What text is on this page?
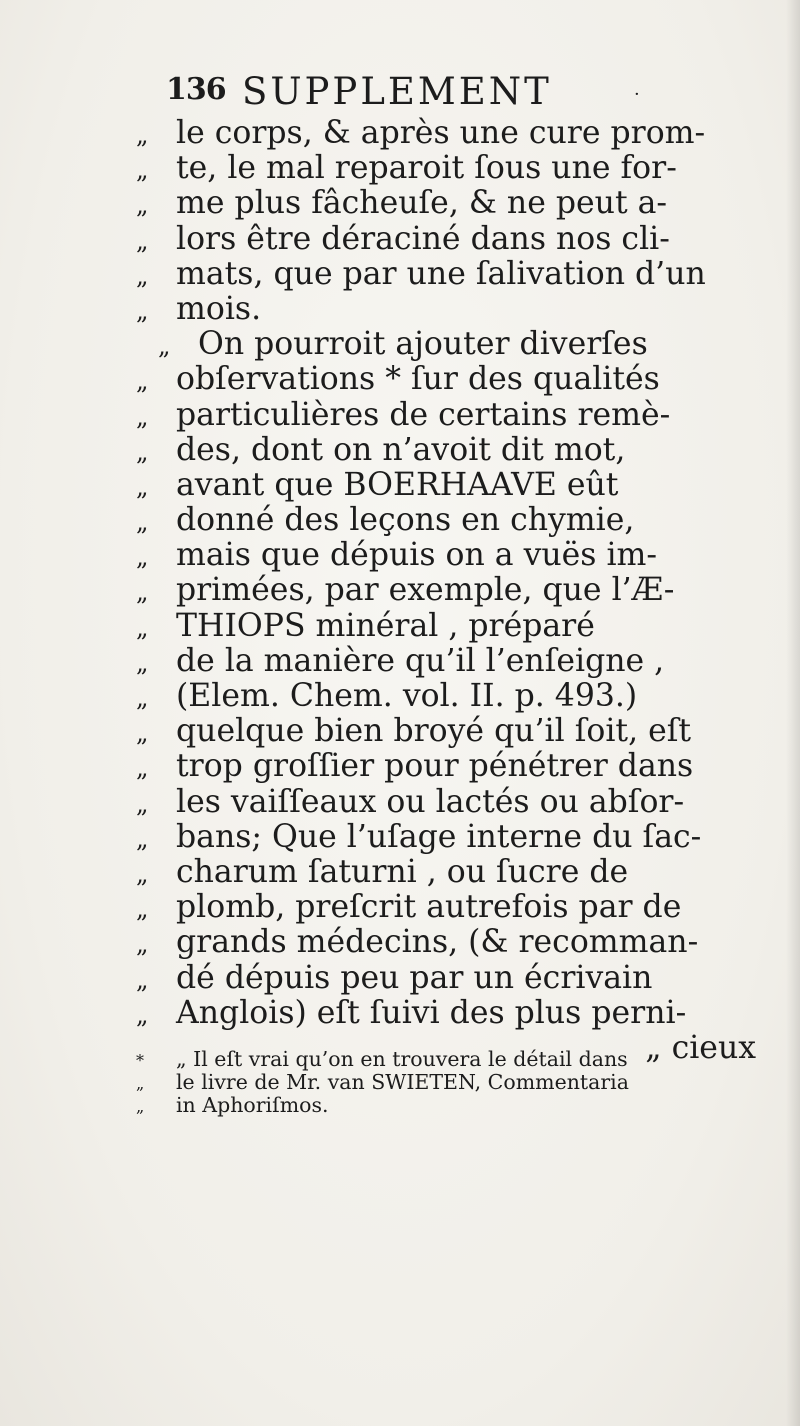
136 SUPPLEMENT	·
„ le corps, & après une cure prom-
„ te, le mal reparoit ſous une for-
„ me plus fâcheuſe, & ne peut a-
„ lors être déraciné dans nos cli-
„ mats, que par une ſalivation d’un
„ mois.
„ On pourroit ajouter diverſes
„ obſervations * ſur des qualités
„ particulières de certains remè-
„ des, dont on n’avoit dit mot,
„ avant que BOERHAAVE eût
„ donné des leçons en chymie,
„ mais que dépuis on a vuës im-
„ primées, par exemple, que l’Æ-
„ THIOPS minéral , préparé
„ de la manière qu’il l’enſeigne ,
„ (Elem. Chem. vol. II. p. 493.)
„ quelque bien broyé qu’il ſoit, eſt
„ trop groſſier pour pénétrer dans
„ les vaiſſeaux ou lactés ou abſor-
„ bans; Que l’uſage interne du ſac-
„ charum ſaturni , ou ſucre de
„ plomb, preſcrit autrefois par de
„ grands médecins, (& recomman-
„ dé dépuis peu par un écrivain
„ Anglois) eſt ſuivi des plus perni-
„ cieux
* „ Il eſt vrai qu’on en trouvera le détail dans
„ le livre de Mr. van SWIETEN, Commentaria
„ in Aphoriſmos.
